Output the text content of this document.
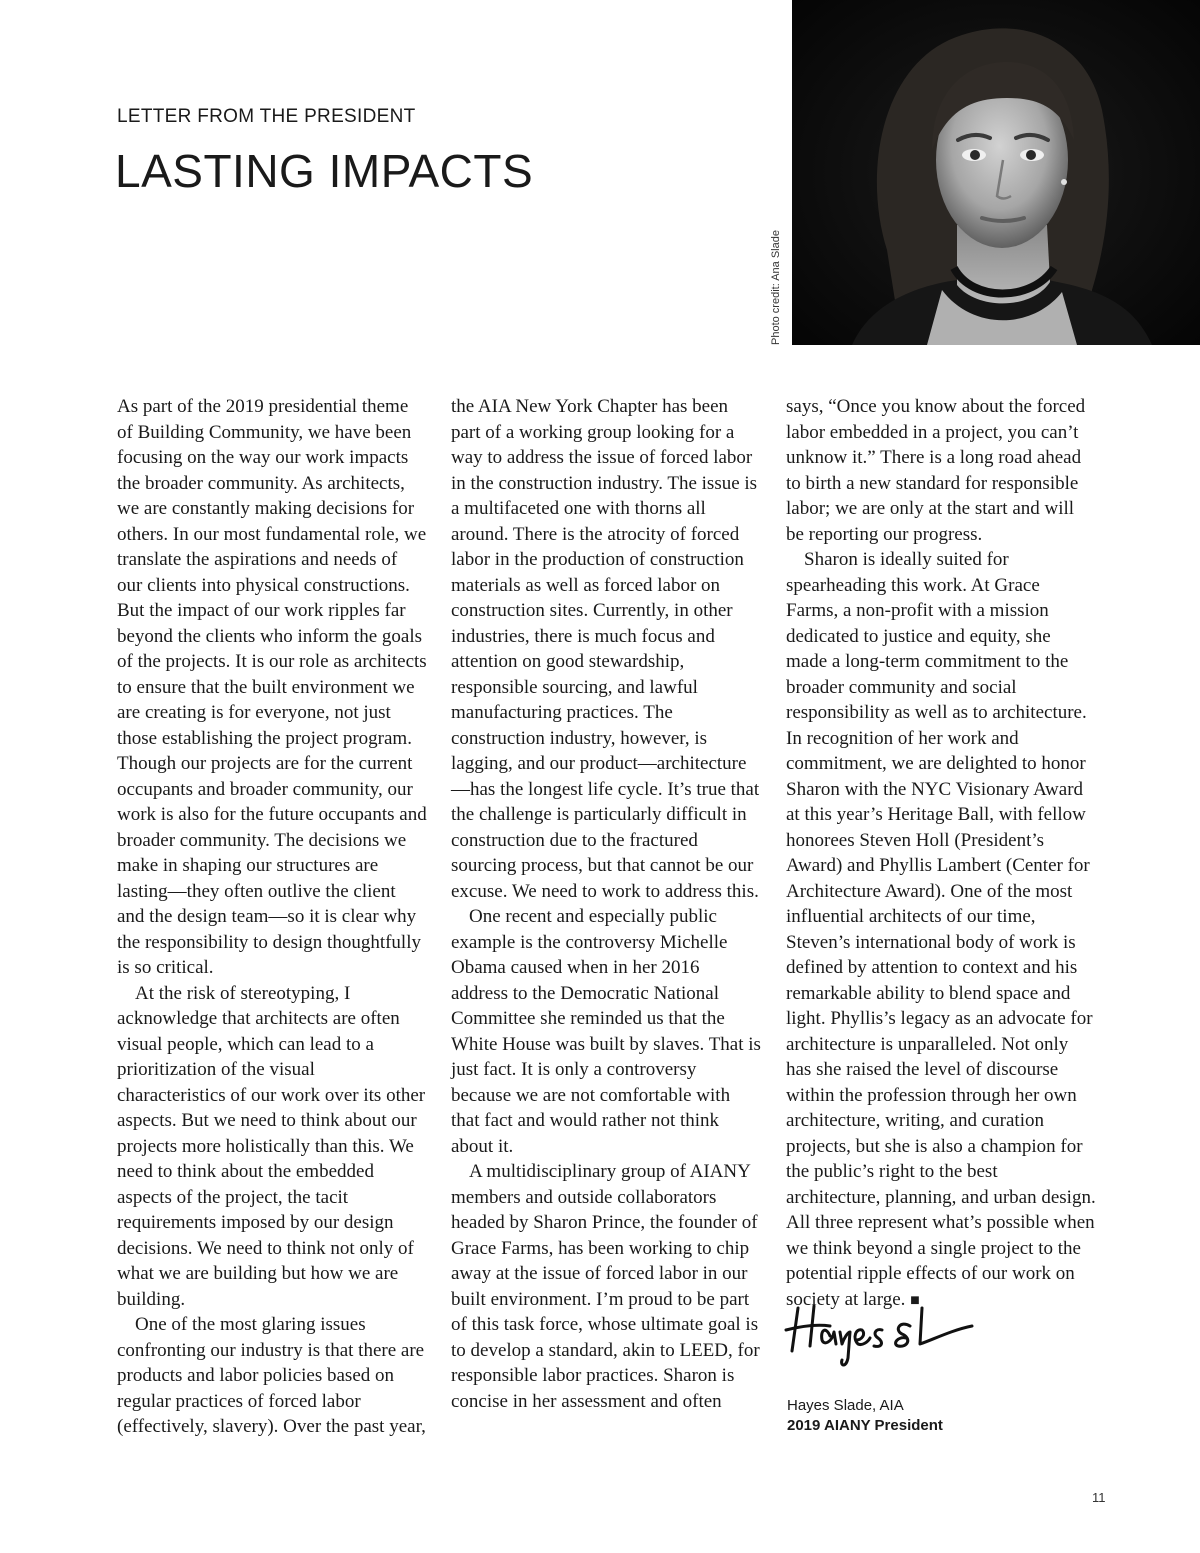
LETTER FROM THE PRESIDENT
LASTING IMPACTS
Photo credit: Ana Slade

As part of the 2019 presidential theme of Building Community, we have been focusing on the way our work impacts the broader community. As architects, we are constantly making decisions for others. In our most fundamental role, we translate the aspirations and needs of our clients into physical constructions. But the impact of our work ripples far beyond the clients who inform the goals of the projects. It is our role as architects to ensure that the built environment we are creating is for everyone, not just those establishing the project program. Though our projects are for the current occupants and broader community, our work is also for the future occupants and broader community. The decisions we make in shaping our structures are lasting—they often outlive the client and the design team—so it is clear why the responsibility to design thoughtfully is so critical.

At the risk of stereotyping, I acknowledge that architects are often visual people, which can lead to a prioritization of the visual characteristics of our work over its other aspects. But we need to think about our projects more holistically than this. We need to think about the embedded aspects of the project, the tacit requirements imposed by our design decisions. We need to think not only of what we are building but how we are building.

One of the most glaring issues confronting our industry is that there are products and labor policies based on regular practices of forced labor (effectively, slavery). Over the past year,

the AIA New York Chapter has been part of a working group looking for a way to address the issue of forced labor in the construction industry. The issue is a multifaceted one with thorns all around. There is the atrocity of forced labor in the production of construction materials as well as forced labor on construction sites. Currently, in other industries, there is much focus and attention on good stewardship, responsible sourcing, and lawful manufacturing practices. The construction industry, however, is lagging, and our product—architecture—has the longest life cycle. It’s true that the challenge is particularly difficult in construction due to the fractured sourcing process, but that cannot be our excuse. We need to work to address this.

One recent and especially public example is the controversy Michelle Obama caused when in her 2016 address to the Democratic National Committee she reminded us that the White House was built by slaves. That is just fact. It is only a controversy because we are not comfortable with that fact and would rather not think about it.

A multidisciplinary group of AIANY members and outside collaborators headed by Sharon Prince, the founder of Grace Farms, has been working to chip away at the issue of forced labor in our built environment. I’m proud to be part of this task force, whose ultimate goal is to develop a standard, akin to LEED, for responsible labor practices. Sharon is concise in her assessment and often

says, “Once you know about the forced labor embedded in a project, you can’t unknow it.” There is a long road ahead to birth a new standard for responsible labor; we are only at the start and will be reporting our progress.

Sharon is ideally suited for spearheading this work. At Grace Farms, a non-profit with a mission dedicated to justice and equity, she made a long-term commitment to the broader community and social responsibility as well as to architecture. In recognition of her work and commitment, we are delighted to honor Sharon with the NYC Visionary Award at this year’s Heritage Ball, with fellow honorees Steven Holl (President’s Award) and Phyllis Lambert (Center for Architecture Award). One of the most influential architects of our time, Steven’s international body of work is defined by attention to context and his remarkable ability to blend space and light. Phyllis’s legacy as an advocate for architecture is unparalleled. Not only has she raised the level of discourse within the profession through her own architecture, writing, and curation projects, but she is also a champion for the public’s right to the best architecture, planning, and urban design. All three represent what’s possible when we think beyond a single project to the potential ripple effects of our work on society at large. ■

Hayes Slade, AIA
2019 AIANY President
11
